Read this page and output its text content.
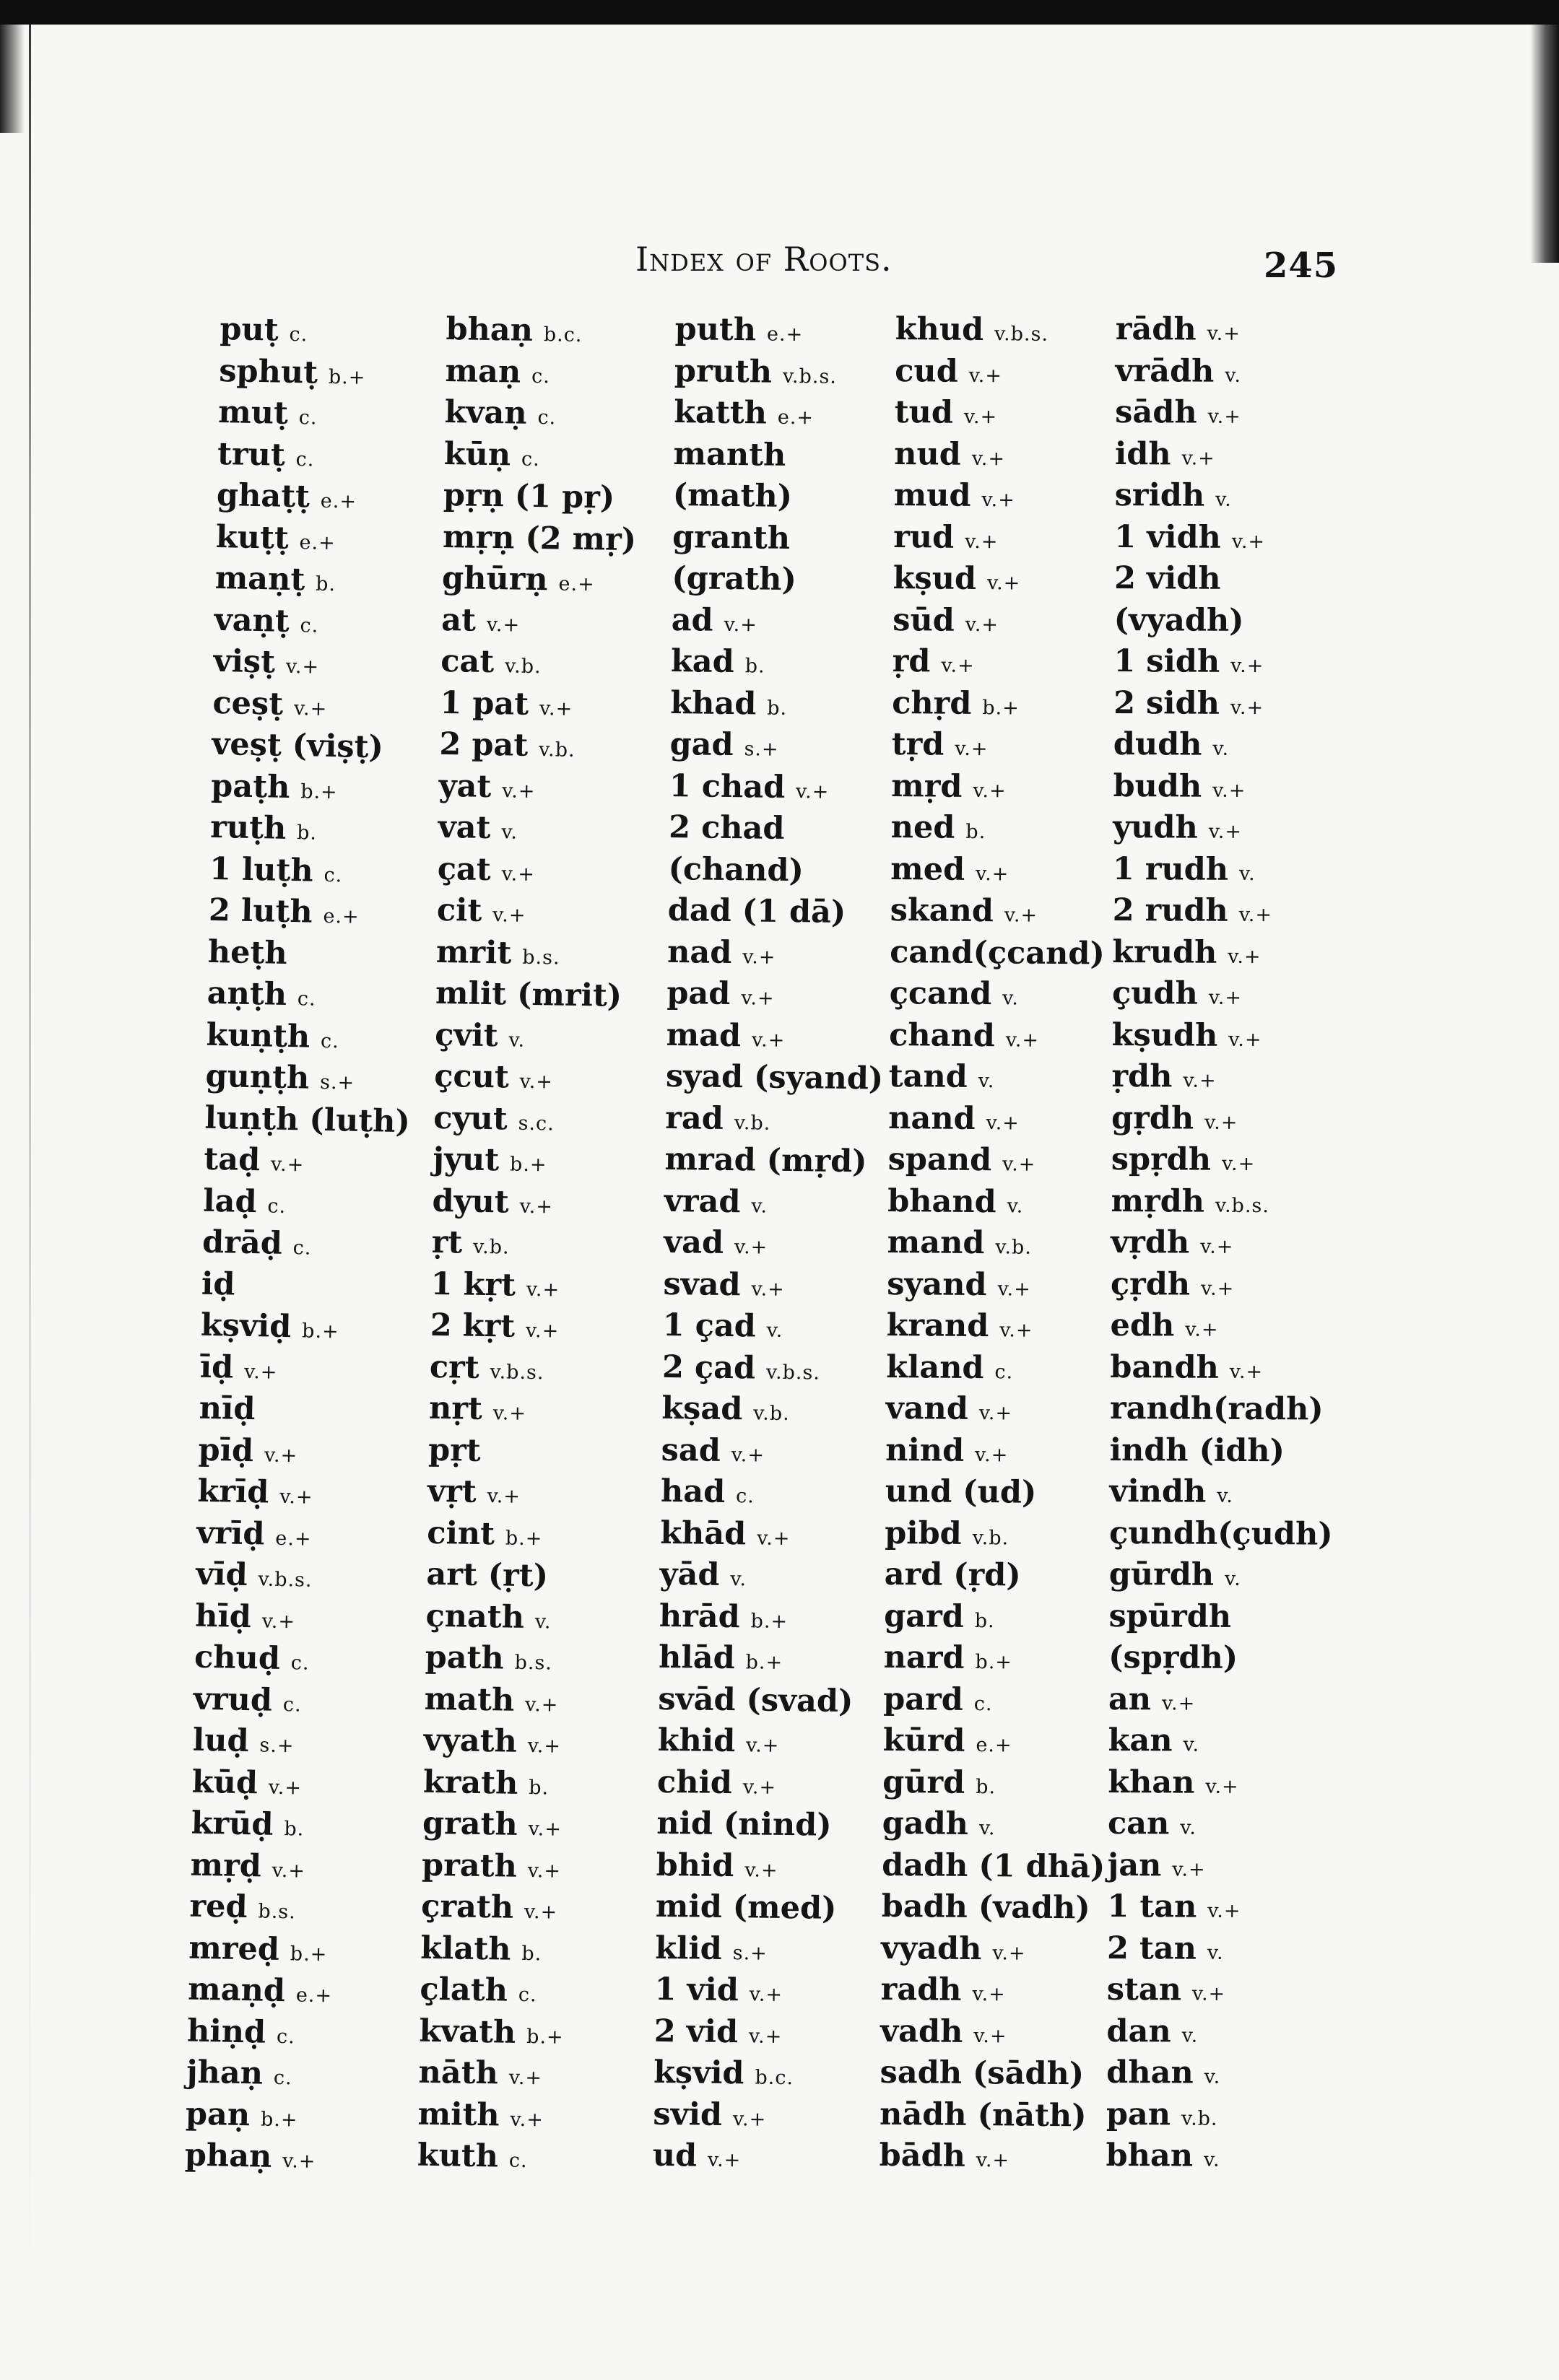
Index of Roots.	245
puṭ c.
sphuṭ b.+
muṭ c.
truṭ c.
ghaṭṭ e.+
kuṭṭ e.+
maṇṭ b.
vaṇṭ c.
viṣṭ v.+
ceṣṭ v.+
veṣṭ (viṣṭ)
paṭh b.+
ruṭh b.
1 luṭh c.
2 luṭh e.+
heṭh
aṇṭh c.
kuṇṭh c.
guṇṭh s.+
luṇṭh (luṭh)
taḍ v.+
laḍ c.
drāḍ c.
iḍ
kṣviḍ b.+
īḍ v.+
nīḍ
pīḍ v.+
krīḍ v.+
vrīḍ e.+
vīḍ v.b.s.
hīḍ v.+
chuḍ c.
vruḍ c.
luḍ s.+
kūḍ v.+
krūḍ b.
mṛḍ v.+
reḍ b.s.
mreḍ b.+
maṇḍ e.+
hiṇḍ c.
jhaṇ c.
paṇ b.+
phaṇ v.+
bhaṇ b.c.
maṇ c.
kvaṇ c.
kūṇ c.
pṛṇ (1 pṛ)
mṛṇ (2 mṛ)
ghūrṇ e.+
at v.+
cat v.b.
1 pat v.+
2 pat v.b.
yat v.+
vat v.
çat v.+
cit v.+
mrit b.s.
mlit (mrit)
çvit v.
çcut v.+
cyut s.c.
jyut b.+
dyut v.+
ṛt v.b.
1 kṛt v.+
2 kṛt v.+
cṛt v.b.s.
nṛt v.+
pṛt
vṛt v.+
cint b.+
art (ṛt)
çnath v.
path b.s.
math v.+
vyath v.+
krath b.
grath v.+
prath v.+
çrath v.+
klath b.
çlath c.
kvath b.+
nāth v.+
mith v.+
kuth c.
puth e.+
pruth v.b.s.
katth e.+
manth
(math)
granth
(grath)
ad v.+
kad b.
khad b.
gad s.+
1 chad v.+
2 chad
(chand)
dad (1 dā)
nad v.+
pad v.+
mad v.+
syad (syand)
rad v.b.
mrad (mṛd)
vrad v.
vad v.+
svad v.+
1 çad v.
2 çad v.b.s.
kṣad v.b.
sad v.+
had c.
khād v.+
yād v.
hrād b.+
hlād b.+
svād (svad)
khid v.+
chid v.+
nid (nind)
bhid v.+
mid (med)
klid s.+
1 vid v.+
2 vid v.+
kṣvid b.c.
svid v.+
ud v.+
khud v.b.s.
cud v.+
tud v.+
nud v.+
mud v.+
rud v.+
kṣud v.+
sūd v.+
ṛd v.+
chṛd b.+
tṛd v.+
mṛd v.+
ned b.
med v.+
skand v.+
cand(çcand)
çcand v.
chand v.+
tand v.
nand v.+
spand v.+
bhand v.
mand v.b.
syand v.+
krand v.+
kland c.
vand v.+
nind v.+
und (ud)
pibd v.b.
ard (ṛd)
gard b.
nard b.+
pard c.
kūrd e.+
gūrd b.
gadh v.
dadh (1 dhā)
badh (vadh)
vyadh v.+
radh v.+
vadh v.+
sadh (sādh)
nādh (nāth)
bādh v.+
rādh v.+
vrādh v.
sādh v.+
idh v.+
sridh v.
1 vidh v.+
2 vidh
(vyadh)
1 sidh v.+
2 sidh v.+
dudh v.
budh v.+
yudh v.+
1 rudh v.
2 rudh v.+
krudh v.+
çudh v.+
kṣudh v.+
ṛdh v.+
gṛdh v.+
spṛdh v.+
mṛdh v.b.s.
vṛdh v.+
çṛdh v.+
edh v.+
bandh v.+
randh(radh)
indh (idh)
vindh v.
çundh(çudh)
gūrdh v.
spūrdh
(spṛdh)
an v.+
kan v.
khan v.+
can v.
jan v.+
1 tan v.+
2 tan v.
stan v.+
dan v.
dhan v.
pan v.b.
bhan v.
